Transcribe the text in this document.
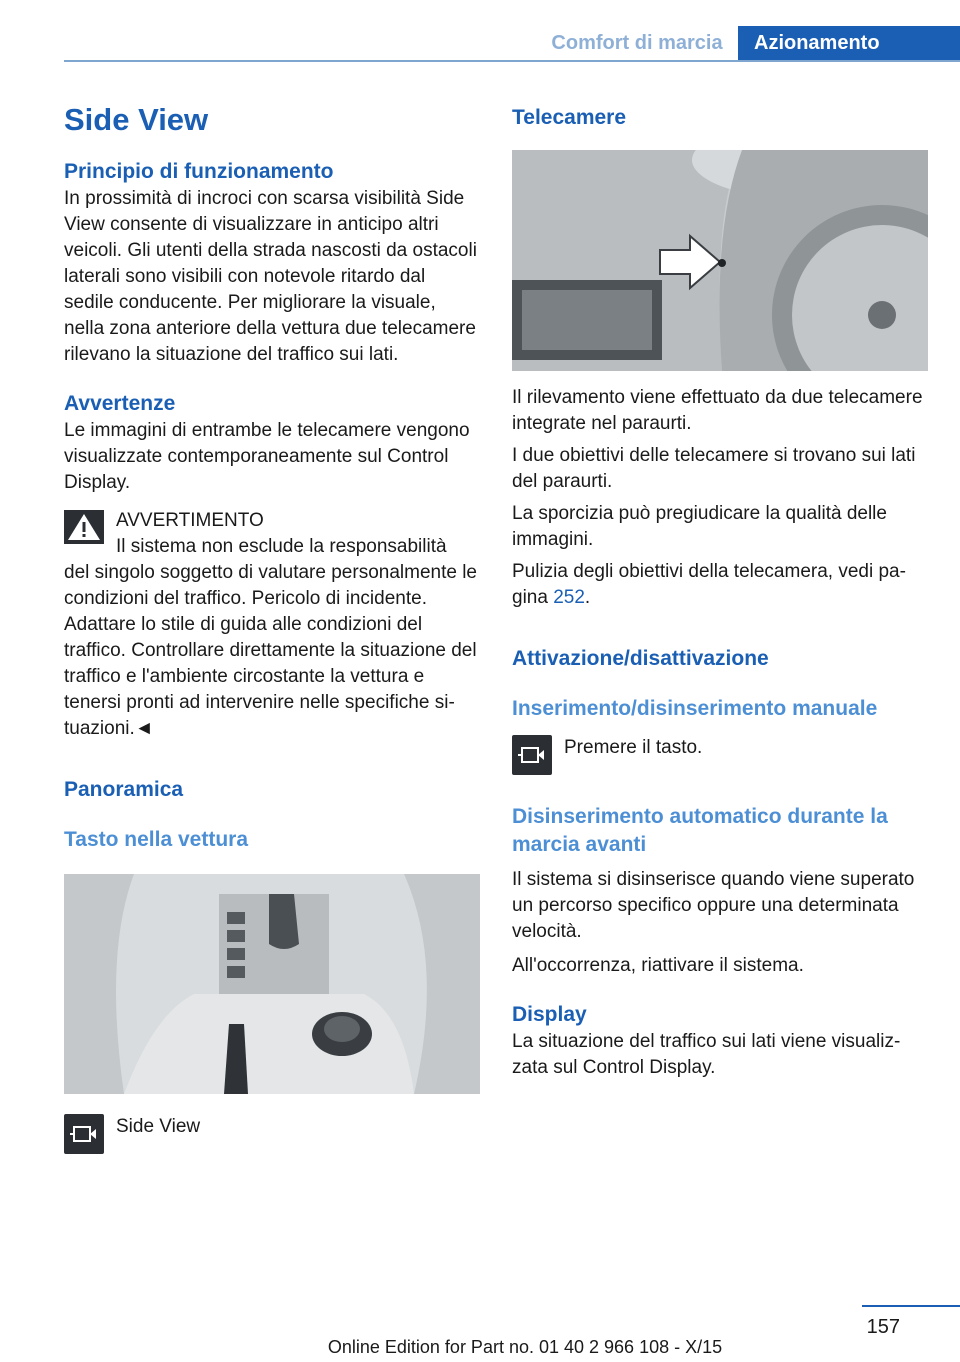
Comfort di marcia	Azionamento
Side View
Principio di funzionamento

In prossimità di incroci con scarsa visibilità Side View consente di visualizzare in anticipo altri veicoli. Gli utenti della strada nascosti da ostacoli laterali sono visibili con notevole ritardo dal sedile conducente. Per migliorare la visuale, nella zona anteriore della vettura due telecamere rilevano la situazione del traffico sui lati.

Avvertenze

Le immagini di entrambe le telecamere vengono visualizzate contemporaneamente sul Control Display.

AVVERTIMENTO

Il sistema non esclude la responsabilità

del singolo soggetto di valutare personalmente le condizioni del traffico. Pericolo di incidente. Adattare lo stile di guida alle condizioni del traffico. Controllare direttamente la situazione del traffico e l'ambiente circostante la vettura e tenersi pronti ad intervenire nelle specifiche situazioni.◄

Panoramica
Tasto nella vettura
Side View
Telecamere

Il rilevamento viene effettuato da due telecamere integrate nel paraurti.

I due obiettivi delle telecamere si trovano sui lati del paraurti.

La sporcizia può pregiudicare la qualità delle immagini.

Pulizia degli obiettivi della telecamera, vedi pagina 252.

Attivazione/disattivazione
Inserimento/disinserimento manuale
Premere il tasto.
Disinserimento automatico durante la marcia avanti

Il sistema si disinserisce quando viene superato un percorso specifico oppure una determinata velocità.

All'occorrenza, riattivare il sistema.

Display

La situazione del traffico sui lati viene visualizzata sul Control Display.

157
Online Edition for Part no. 01 40 2 966 108 - X/15
